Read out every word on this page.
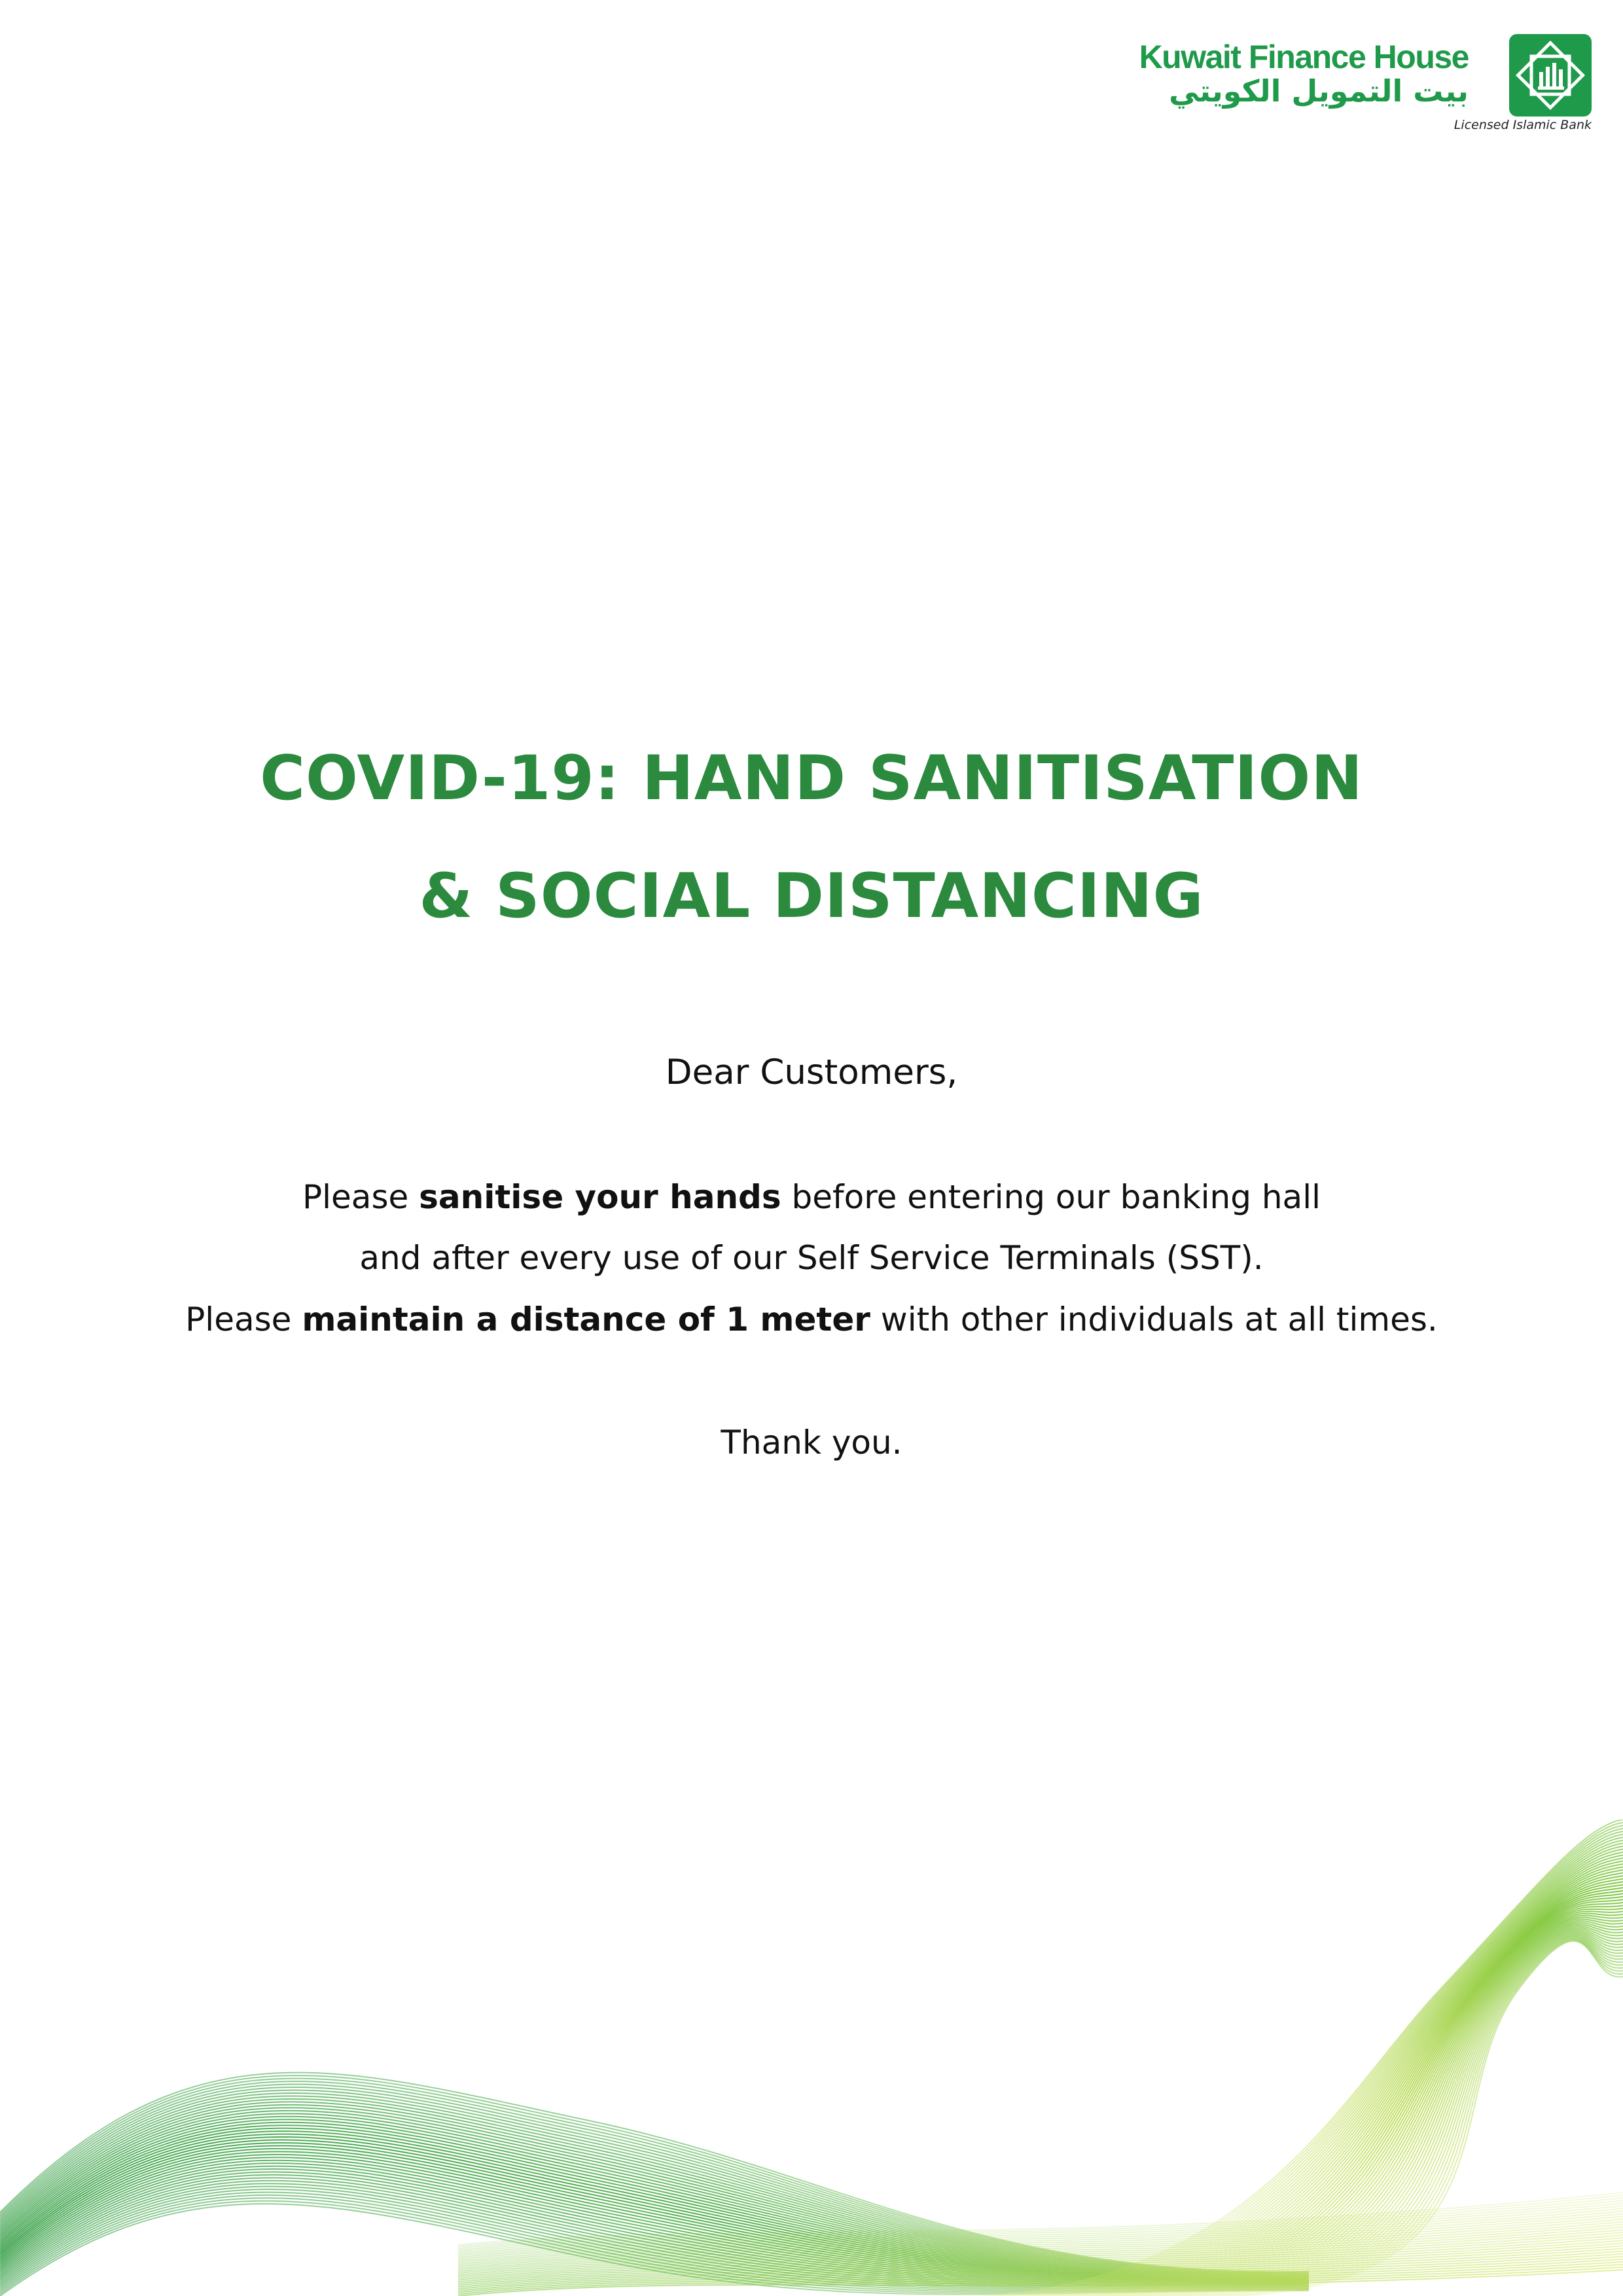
Kuwait Finance House
بيت التمويل الكويتي
Licensed Islamic Bank
COVID-19: HAND SANITISATION
& SOCIAL DISTANCING
Dear Customers,
Please sanitise your hands before entering our banking hall
and after every use of our Self Service Terminals (SST).
Please maintain a distance of 1 meter with other individuals at all times.
Thank you.
